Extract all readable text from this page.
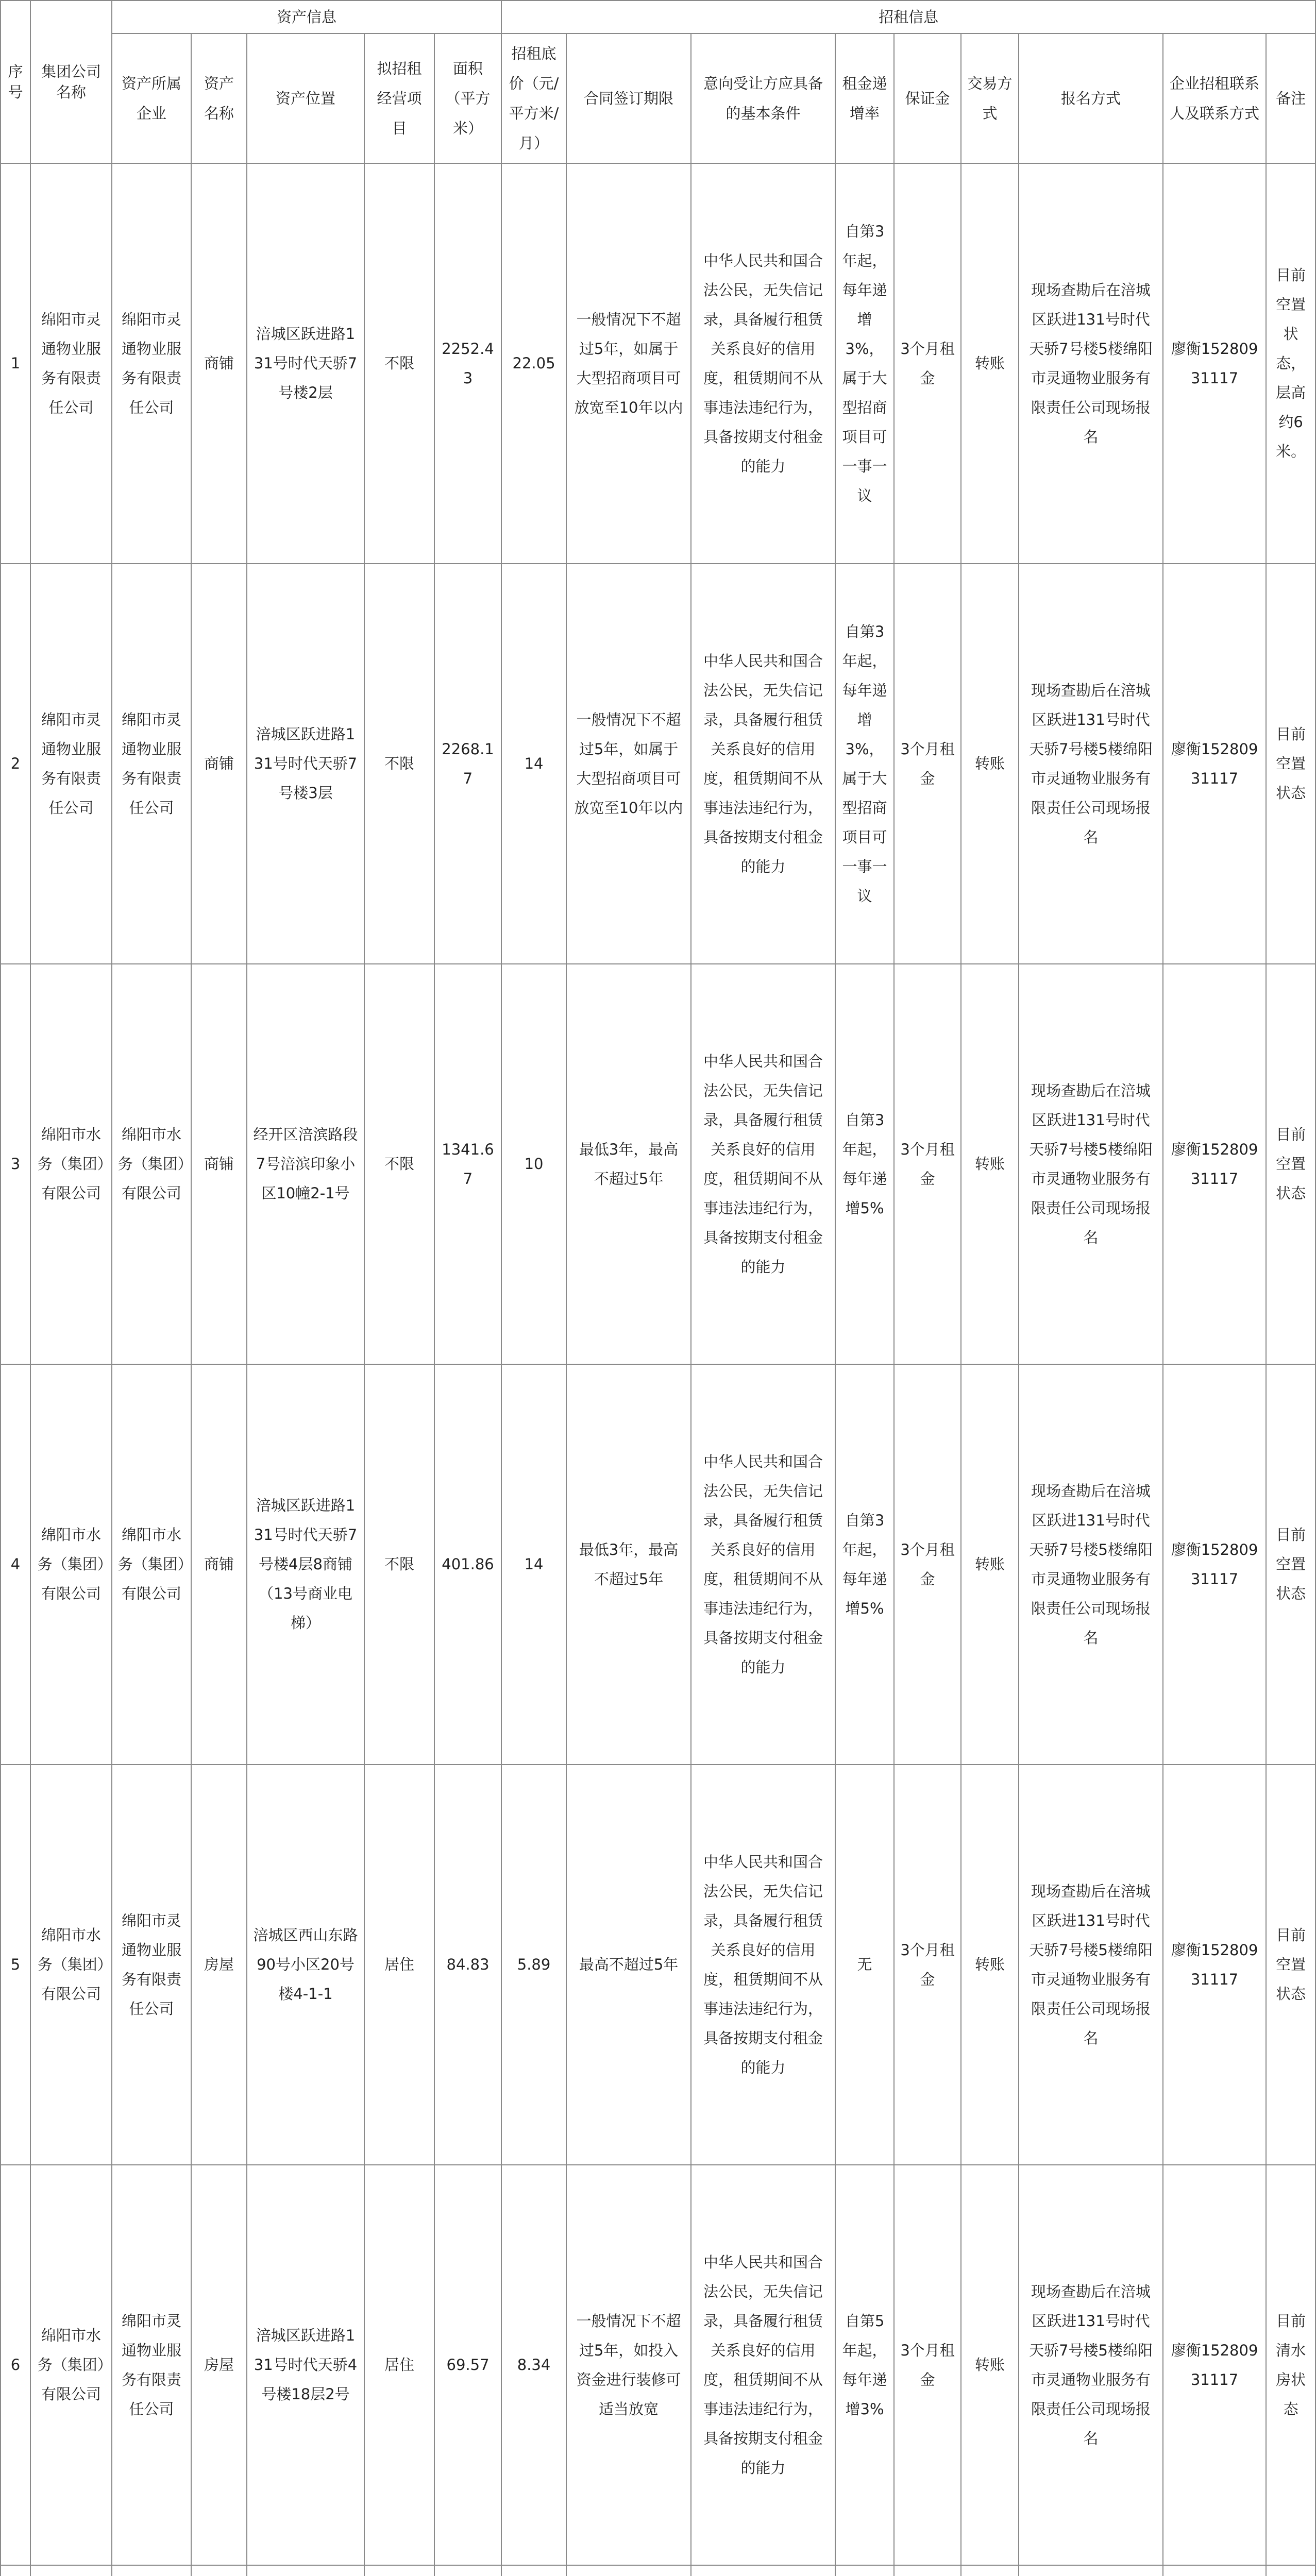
序号	集团公司名称	资产信息					招租信息								
		资产所属企业	资产名称	资产位置	拟招租经营项目	面积（平方米）	招租底价（元/平方米/月）	合同签订期限	意向受让方应具备的基本条件	租金递增率	保证金	交易方式	报名方式	企业招租联系人及联系方式	备注
1	绵阳市灵通物业服务有限责任公司	绵阳市灵通物业服务有限责任公司	商铺	涪城区跃进路131号时代天骄7号楼2层	不限	2252.43	22.05	一般情况下不超过5年，如属于大型招商项目可放宽至10年以内	中华人民共和国合法公民，无失信记录，具备履行租赁关系良好的信用度，租赁期间不从事违法违纪行为，具备按期支付租金的能力	自第3年起，每年递增3%，属于大型招商项目可一事一议	3个月租金	转账	现场查勘后在涪城区跃进131号时代天骄7号楼5楼绵阳市灵通物业服务有限责任公司现场报名	廖衡15280931117	目前空置状态，层高约6米。
2	绵阳市灵通物业服务有限责任公司	绵阳市灵通物业服务有限责任公司	商铺	涪城区跃进路131号时代天骄7号楼3层	不限	2268.17	14	一般情况下不超过5年，如属于大型招商项目可放宽至10年以内	中华人民共和国合法公民，无失信记录，具备履行租赁关系良好的信用度，租赁期间不从事违法违纪行为，具备按期支付租金的能力	自第3年起，每年递增3%，属于大型招商项目可一事一议	3个月租金	转账	现场查勘后在涪城区跃进131号时代天骄7号楼5楼绵阳市灵通物业服务有限责任公司现场报名	廖衡15280931117	目前空置状态
3	绵阳市水务（集团）有限公司	绵阳市水务（集团）有限公司	商铺	经开区涪滨路段7号涪滨印象小区10幢2-1号	不限	1341.67	10	最低3年，最高不超过5年	中华人民共和国合法公民，无失信记录，具备履行租赁关系良好的信用度，租赁期间不从事违法违纪行为，具备按期支付租金的能力	自第3年起，每年递增5%	3个月租金	转账	现场查勘后在涪城区跃进131号时代天骄7号楼5楼绵阳市灵通物业服务有限责任公司现场报名	廖衡15280931117	目前空置状态
4	绵阳市水务（集团）有限公司	绵阳市水务（集团）有限公司	商铺	涪城区跃进路131号时代天骄7号楼4层8商铺（13号商业电梯）	不限	401.86	14	最低3年，最高不超过5年	中华人民共和国合法公民，无失信记录，具备履行租赁关系良好的信用度，租赁期间不从事违法违纪行为，具备按期支付租金的能力	自第3年起，每年递增5%	3个月租金	转账	现场查勘后在涪城区跃进131号时代天骄7号楼5楼绵阳市灵通物业服务有限责任公司现场报名	廖衡15280931117	目前空置状态
5	绵阳市水务（集团）有限公司	绵阳市灵通物业服务有限责任公司	房屋	涪城区西山东路90号小区20号楼4-1-1	居住	84.83	5.89	最高不超过5年	中华人民共和国合法公民，无失信记录，具备履行租赁关系良好的信用度，租赁期间不从事违法违纪行为，具备按期支付租金的能力	无	3个月租金	转账	现场查勘后在涪城区跃进131号时代天骄7号楼5楼绵阳市灵通物业服务有限责任公司现场报名	廖衡15280931117	目前空置状态
6	绵阳市水务（集团）有限公司	绵阳市灵通物业服务有限责任公司	房屋	涪城区跃进路131号时代天骄4号楼18层2号	居住	69.57	8.34	一般情况下不超过5年，如投入资金进行装修可适当放宽	中华人民共和国合法公民，无失信记录，具备履行租赁关系良好的信用度，租赁期间不从事违法违纪行为，具备按期支付租金的能力	自第5年起，每年递增3%	3个月租金	转账	现场查勘后在涪城区跃进131号时代天骄7号楼5楼绵阳市灵通物业服务有限责任公司现场报名	廖衡15280931117	目前清水房状态
